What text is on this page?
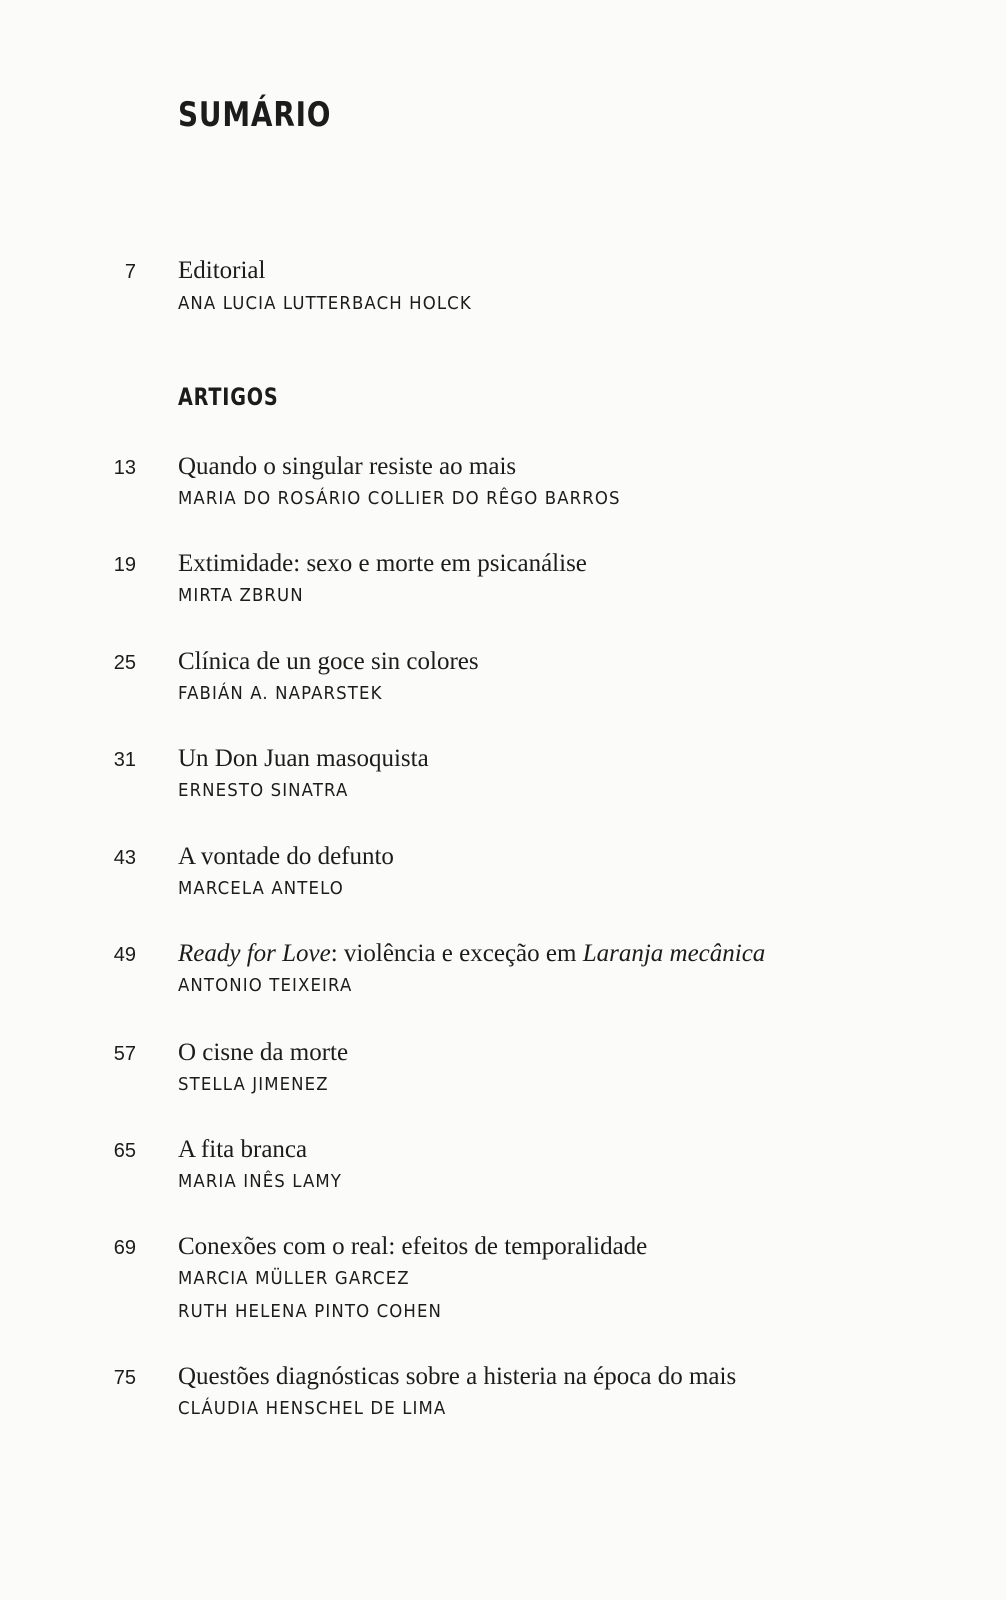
SUMÁRIO
7 Editorial
ANA LUCIA LUTTERBACH HOLCK
ARTIGOS
13 Quando o singular resiste ao mais
MARIA DO ROSÁRIO COLLIER DO RÊGO BARROS
19 Extimidade: sexo e morte em psicanálise
MIRTA ZBRUN
25 Clínica de un goce sin colores
FABIÁN A. NAPARSTEK
31 Un Don Juan masoquista
ERNESTO SINATRA
43 A vontade do defunto
MARCELA ANTELO
49 Ready for Love: violência e exceção em Laranja mecânica
ANTONIO TEIXEIRA
57 O cisne da morte
STELLA JIMENEZ
65 A fita branca
MARIA INÊS LAMY
69 Conexões com o real: efeitos de temporalidade
MARCIA MÜLLER GARCEZ
RUTH HELENA PINTO COHEN
75 Questões diagnósticas sobre a histeria na época do mais
CLÁUDIA HENSCHEL DE LIMA
